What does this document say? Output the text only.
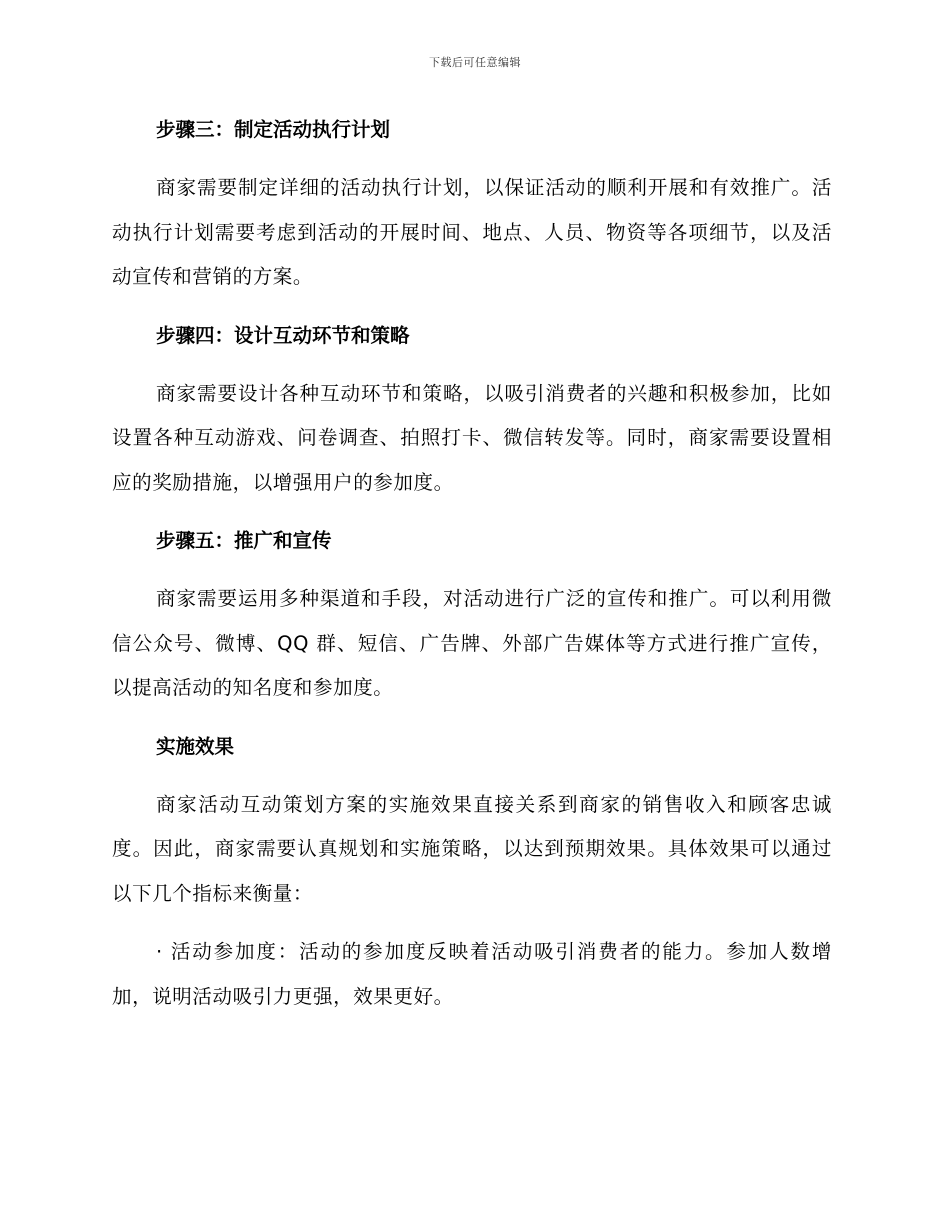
下载后可任意编辑
步骤三：制定活动执行计划
商家需要制定详细的活动执行计划，以保证活动的顺利开展和有效推广。活动执行计划需要考虑到活动的开展时间、地点、人员、物资等各项细节，以及活动宣传和营销的方案。
步骤四：设计互动环节和策略
商家需要设计各种互动环节和策略，以吸引消费者的兴趣和积极参加，比如设置各种互动游戏、问卷调查、拍照打卡、微信转发等。同时，商家需要设置相应的奖励措施，以增强用户的参加度。
步骤五：推广和宣传
商家需要运用多种渠道和手段，对活动进行广泛的宣传和推广。可以利用微信公众号、微博、QQ 群、短信、广告牌、外部广告媒体等方式进行推广宣传，以提高活动的知名度和参加度。
实施效果
商家活动互动策划方案的实施效果直接关系到商家的销售收入和顾客忠诚度。因此，商家需要认真规划和实施策略，以达到预期效果。具体效果可以通过以下几个指标来衡量：
· 活动参加度：活动的参加度反映着活动吸引消费者的能力。参加人数增加，说明活动吸引力更强，效果更好。
